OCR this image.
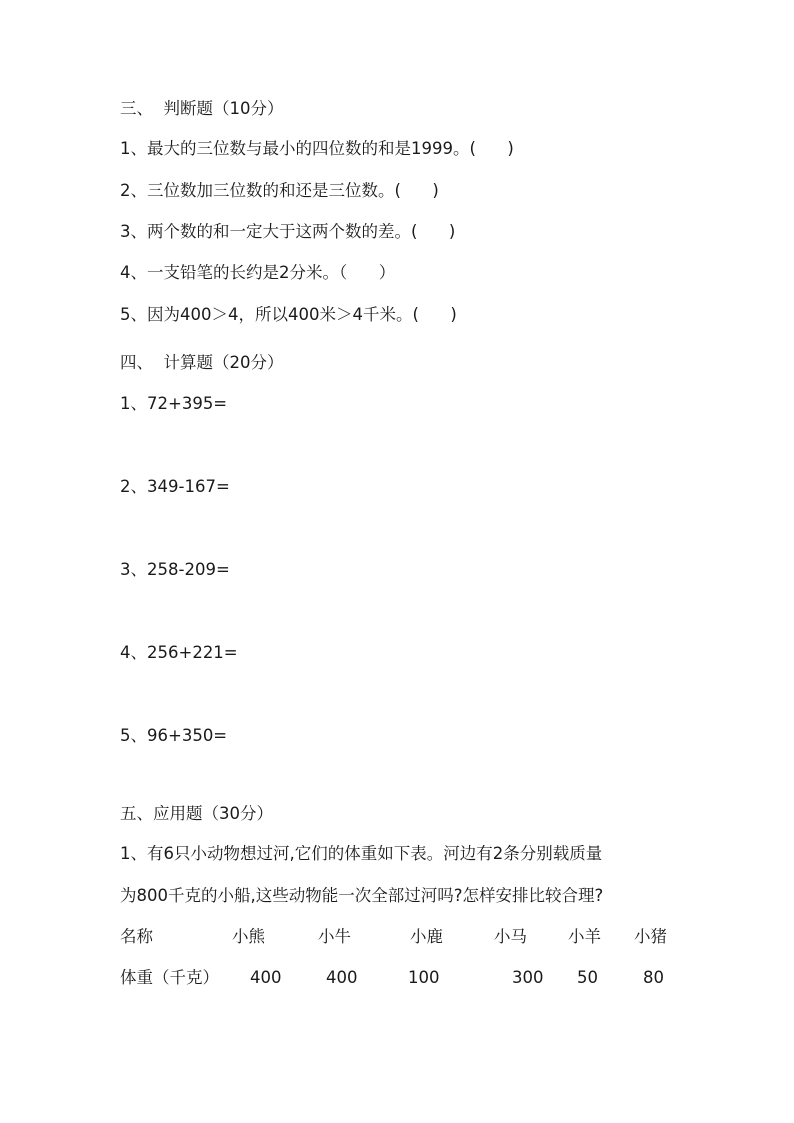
三、  判断题（10分）
1、最大的三位数与最小的四位数的和是1999。(      )
2、三位数加三位数的和还是三位数。(      )
3、两个数的和一定大于这两个数的差。(      )
4、一支铅笔的长约是2分米。（      ）
5、因为400＞4，所以400米＞4千米。(      )
四、  计算题（20分）
1、72+395=
2、349-167=
3、258-209=
4、256+221=
5、96+350=
五、应用题（30分）
1、有6只小动物想过河,它们的体重如下表。河边有2条分别载质量
为800千克的小船,这些动物能一次全部过河吗?怎样安排比较合理?
名称	小熊	小牛	小鹿	小马 小羊 小猪
体重（千克） 400	400	100	300 50	80
